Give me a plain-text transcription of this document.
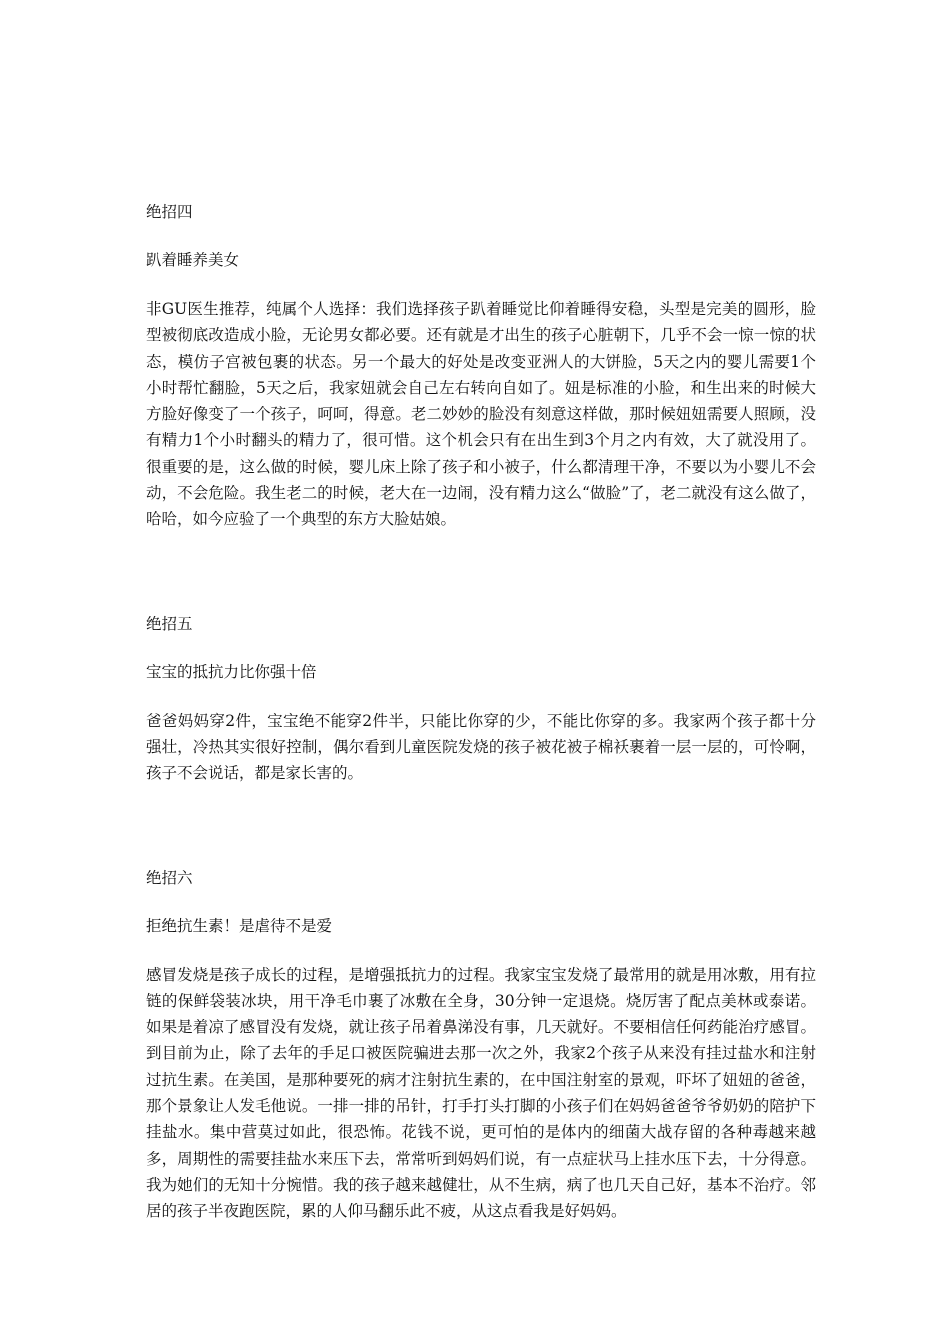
绝招四

趴着睡养美女

非GU医生推荐，纯属个人选择：我们选择孩子趴着睡觉比仰着睡得安稳，头型是完美的圆形，脸型被彻底改造成小脸，无论男女都必要。还有就是才出生的孩子心脏朝下，几乎不会一惊一惊的状态，模仿子宫被包裹的状态。另一个最大的好处是改变亚洲人的大饼脸，5天之内的婴儿需要1个小时帮忙翻脸，5天之后，我家妞就会自己左右转向自如了。妞是标准的小脸，和生出来的时候大方脸好像变了一个孩子，呵呵，得意。老二妙妙的脸没有刻意这样做，那时候妞妞需要人照顾，没有精力1个小时翻头的精力了，很可惜。这个机会只有在出生到3个月之内有效，大了就没用了。很重要的是，这么做的时候，婴儿床上除了孩子和小被子，什么都清理干净，不要以为小婴儿不会动，不会危险。我生老二的时候，老大在一边闹，没有精力这么“做脸”了，老二就没有这么做了，哈哈，如今应验了一个典型的东方大脸姑娘。

绝招五

宝宝的抵抗力比你强十倍

爸爸妈妈穿2件，宝宝绝不能穿2件半，只能比你穿的少，不能比你穿的多。我家两个孩子都十分强壮，冷热其实很好控制，偶尔看到儿童医院发烧的孩子被花被子棉袄裹着一层一层的，可怜啊，孩子不会说话，都是家长害的。

绝招六

拒绝抗生素！是虐待不是爱

感冒发烧是孩子成长的过程，是增强抵抗力的过程。我家宝宝发烧了最常用的就是用冰敷，用有拉链的保鲜袋装冰块，用干净毛巾裹了冰敷在全身，30分钟一定退烧。烧厉害了配点美林或泰诺。如果是着凉了感冒没有发烧，就让孩子吊着鼻涕没有事，几天就好。不要相信任何药能治疗感冒。到目前为止，除了去年的手足口被医院骗进去那一次之外，我家2个孩子从来没有挂过盐水和注射过抗生素。在美国，是那种要死的病才注射抗生素的，在中国注射室的景观，吓坏了妞妞的爸爸，那个景象让人发毛他说。一排一排的吊针，打手打头打脚的小孩子们在妈妈爸爸爷爷奶奶的陪护下挂盐水。集中营莫过如此，很恐怖。花钱不说，更可怕的是体内的细菌大战存留的各种毒越来越多，周期性的需要挂盐水来压下去，常常听到妈妈们说，有一点症状马上挂水压下去，十分得意。我为她们的无知十分惋惜。我的孩子越来越健壮，从不生病，病了也几天自己好，基本不治疗。邻居的孩子半夜跑医院，累的人仰马翻乐此不疲，从这点看我是好妈妈。
